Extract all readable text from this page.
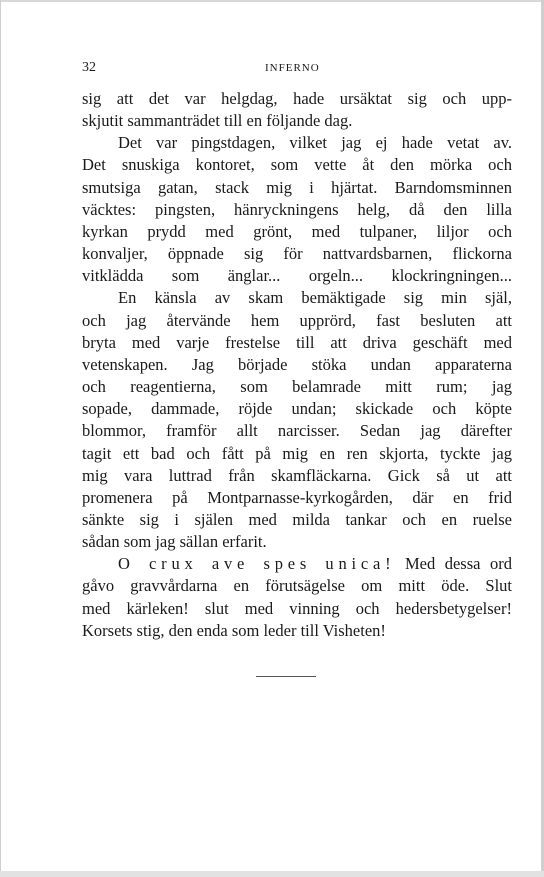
32	INFERNO
sig att det var helgdag, hade ursäktat sig och upp-
skjutit sammanträdet till en följande dag.
Det var pingstdagen, vilket jag ej hade vetat av.
Det snuskiga kontoret, som vette åt den mörka och
smutsiga gatan, stack mig i hjärtat. Barndomsminnen
väcktes: pingsten, hänryckningens helg, då den lilla
kyrkan prydd med grönt, med tulpaner, liljor och
konvaljer, öppnade sig för nattvardsbarnen, flickorna
vitklädda som änglar... orgeln... klockringningen...
En känsla av skam bemäktigade sig min själ,
och jag återvände hem upprörd, fast besluten att
bryta med varje frestelse till att driva geschäft med
vetenskapen. Jag började stöka undan apparaterna
och reagentierna, som belamrade mitt rum; jag
sopade, dammade, röjde undan; skickade och köpte
blommor, framför allt narcisser. Sedan jag därefter
tagit ett bad och fått på mig en ren skjorta, tyckte jag
mig vara luttrad från skamfläckarna. Gick så ut att
promenera på Montparnasse-kyrkogården, där en frid
sänkte sig i själen med milda tankar och en ruelse
sådan som jag sällan erfarit.
O crux ave spes unica! Med dessa ord
gåvo gravvårdarna en förutsägelse om mitt öde. Slut
med kärleken! slut med vinning och hedersbetygelser!
Korsets stig, den enda som leder till Visheten!
